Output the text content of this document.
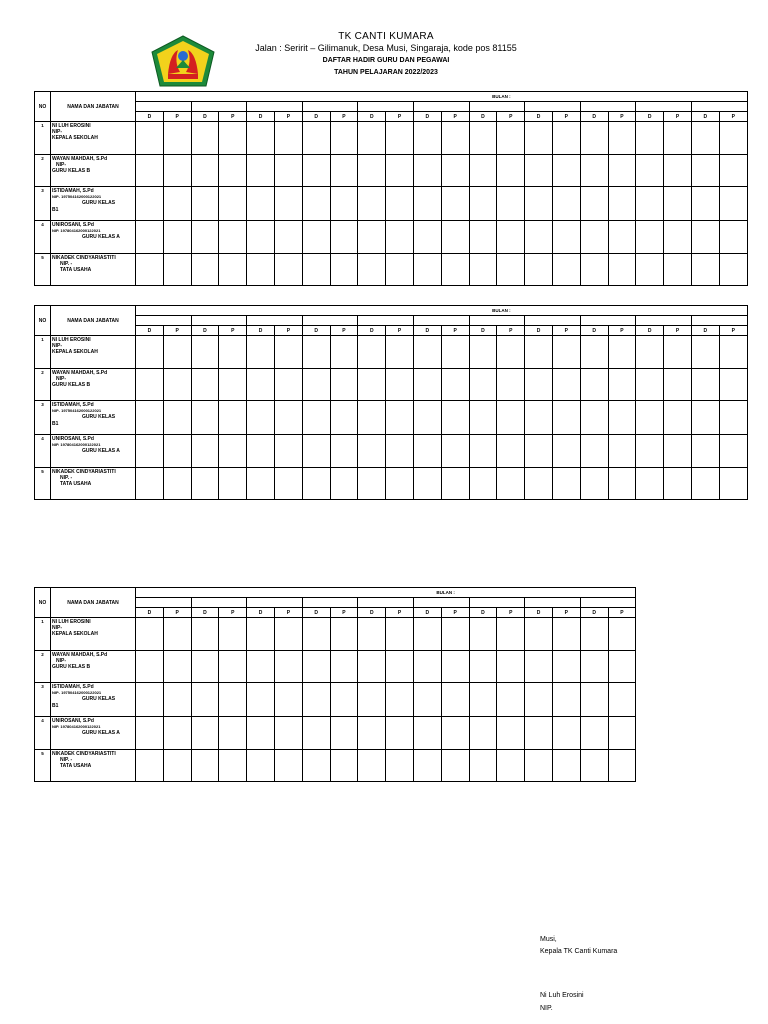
TK CANTI KUMARA
Jalan : Seririt – Gilimanuk, Desa Musi, Singaraja, kode pos 81155
DAFTAR HADIR GURU DAN PEGAWAI
TAHUN PELAJARAN 2022/2023
NO	NAMA DAN JABATAN	BULAN :																					

		D	P	D	P	D	P	D	P	D	P	D	P	D	P	D	P	D	P	D	P	D	P
1	NI LUH EROSINI
NIP-
KEPALA SEKOLAH																						

2	WAYAN MAHDAH, S.Pd
NIP-
GURU KELAS B																						

3	ISTIDAMAH, S.Pd
NIP- 197504162000122021
GURU KELAS
B1																						

4	UNIROSANI, S.Pd
NIP. 197804162000122021
GURU KELAS A																						

5	NIKADEK CINDYARIASTITI
NIP. -
TATA USAHA																						

NO	NAMA DAN JABATAN	BULAN :																					

		D	P	D	P	D	P	D	P	D	P	D	P	D	P	D	P	D	P	D	P	D	P
1	NI LUH EROSINI
NIP-
KEPALA SEKOLAH																						

2	WAYAN MAHDAH, S.Pd
NIP-
GURU KELAS B																						

3	ISTIDAMAH, S.Pd
NIP- 197504162000122021
GURU KELAS
B1																						

4	UNIROSANI, S.Pd
NIP. 197804162000122021
GURU KELAS A																						

5	NIKADEK CINDYARIASTITI
NIP. -
TATA USAHA																						

NO	NAMA DAN JABATAN	BULAN :																	

		D	P	D	P	D	P	D	P	D	P	D	P	D	P	D	P	D	P
1	NI LUH EROSINI
NIP-
KEPALA SEKOLAH																		

2	WAYAN MAHDAH, S.Pd
NIP-
GURU KELAS B																		

3	ISTIDAMAH, S.Pd
NIP- 197504162000122021
GURU KELAS
B1																		

4	UNIROSANI, S.Pd
NIP. 197804162000122021
GURU KELAS A																		

5	NIKADEK CINDYARIASTITI
NIP. -
TATA USAHA																		

Musi,
Kepala TK Canti Kumara
Ni Luh Erosini
NIP.
